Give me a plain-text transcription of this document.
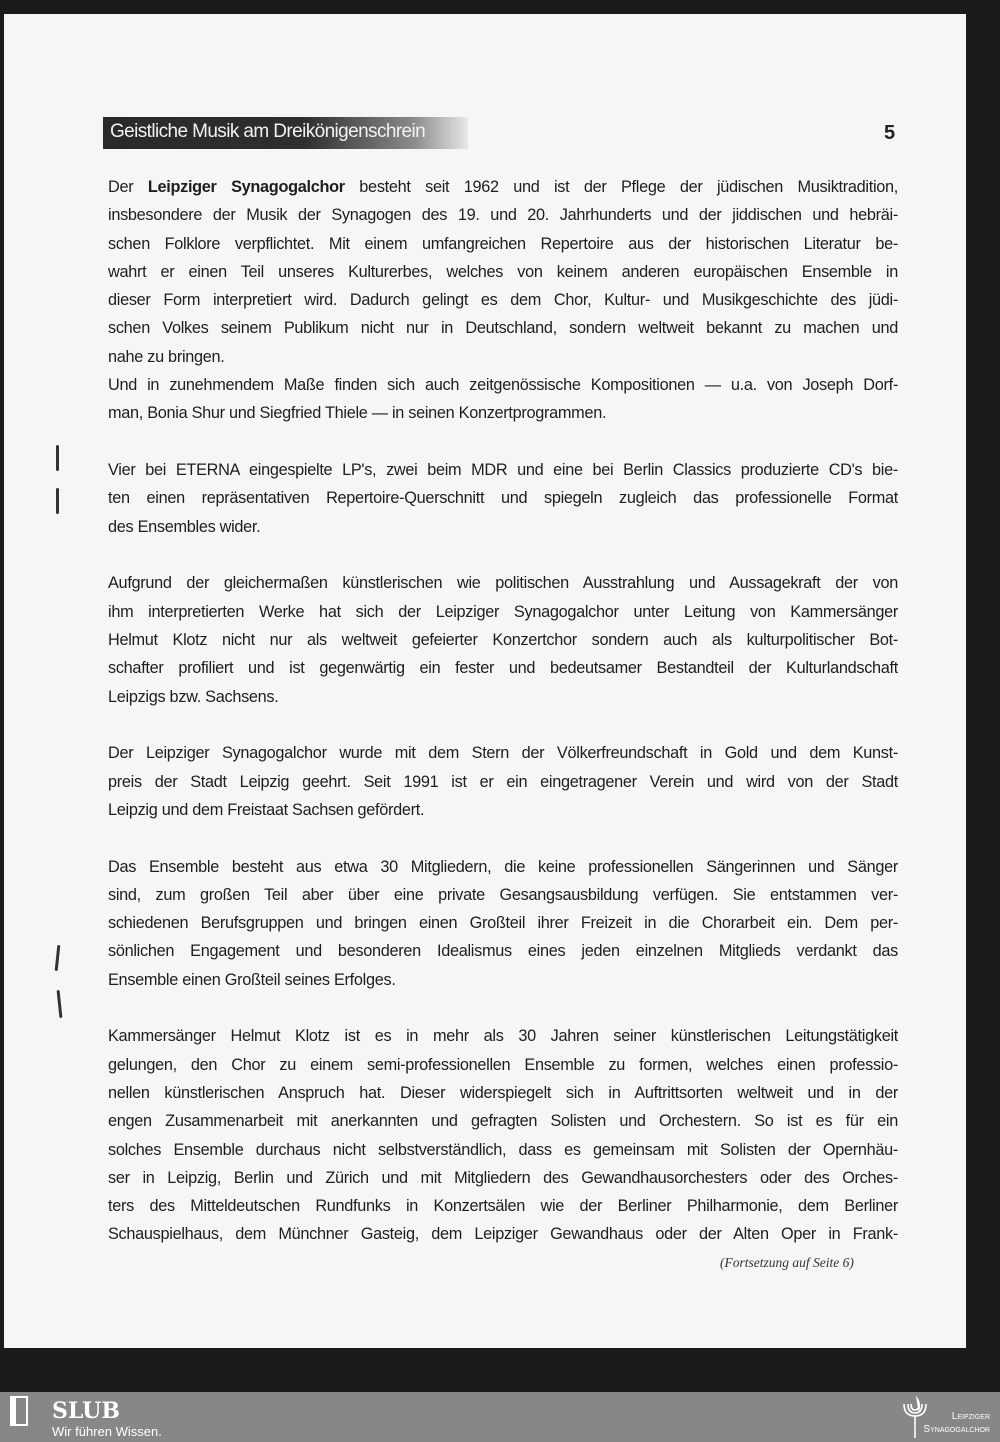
Geistliche Musik am Dreikönigenschrein	5
Der Leipziger Synagogalchor besteht seit 1962 und ist der Pflege der jüdischen Musiktradition,
insbesondere der Musik der Synagogen des 19. und 20. Jahrhunderts und der jiddischen und hebräi-
schen Folklore verpflichtet. Mit einem umfangreichen Repertoire aus der historischen Literatur be-
wahrt er einen Teil unseres Kulturerbes, welches von keinem anderen europäischen Ensemble in
dieser Form interpretiert wird. Dadurch gelingt es dem Chor, Kultur- und Musikgeschichte des jüdi-
schen Volkes seinem Publikum nicht nur in Deutschland, sondern weltweit bekannt zu machen und
nahe zu bringen.
Und in zunehmendem Maße finden sich auch zeitgenössische Kompositionen — u.a. von Joseph Dorf-
man, Bonia Shur und Siegfried Thiele — in seinen Konzertprogrammen.
Vier bei ETERNA eingespielte LP's, zwei beim MDR und eine bei Berlin Classics produzierte CD's bie-
ten einen repräsentativen Repertoire-Querschnitt und spiegeln zugleich das professionelle Format
des Ensembles wider.
Aufgrund der gleichermaßen künstlerischen wie politischen Ausstrahlung und Aussagekraft der von
ihm interpretierten Werke hat sich der Leipziger Synagogalchor unter Leitung von Kammersänger
Helmut Klotz nicht nur als weltweit gefeierter Konzertchor sondern auch als kulturpolitischer Bot-
schafter profiliert und ist gegenwärtig ein fester und bedeutsamer Bestandteil der Kulturlandschaft
Leipzigs bzw. Sachsens.
Der Leipziger Synagogalchor wurde mit dem Stern der Völkerfreundschaft in Gold und dem Kunst-
preis der Stadt Leipzig geehrt. Seit 1991 ist er ein eingetragener Verein und wird von der Stadt
Leipzig und dem Freistaat Sachsen gefördert.
Das Ensemble besteht aus etwa 30 Mitgliedern, die keine professionellen Sängerinnen und Sänger
sind, zum großen Teil aber über eine private Gesangsausbildung verfügen. Sie entstammen ver-
schiedenen Berufsgruppen und bringen einen Großteil ihrer Freizeit in die Chorarbeit ein. Dem per-
sönlichen Engagement und besonderen Idealismus eines jeden einzelnen Mitglieds verdankt das
Ensemble einen Großteil seines Erfolges.
Kammersänger Helmut Klotz ist es in mehr als 30 Jahren seiner künstlerischen Leitungstätigkeit
gelungen, den Chor zu einem semi-professionellen Ensemble zu formen, welches einen professio-
nellen künstlerischen Anspruch hat. Dieser widerspiegelt sich in Auftrittsorten weltweit und in der
engen Zusammenarbeit mit anerkannten und gefragten Solisten und Orchestern. So ist es für ein
solches Ensemble durchaus nicht selbstverständlich, dass es gemeinsam mit Solisten der Opernhäu-
ser in Leipzig, Berlin und Zürich und mit Mitgliedern des Gewandhausorchesters oder des Orches-
ters des Mitteldeutschen Rundfunks in Konzertsälen wie der Berliner Philharmonie, dem Berliner
Schauspielhaus, dem Münchner Gasteig, dem Leipziger Gewandhaus oder der Alten Oper in Frank-
(Fortsetzung auf Seite 6)
SLUB
Wir führen Wissen.
Leipziger
Synagogalchor
